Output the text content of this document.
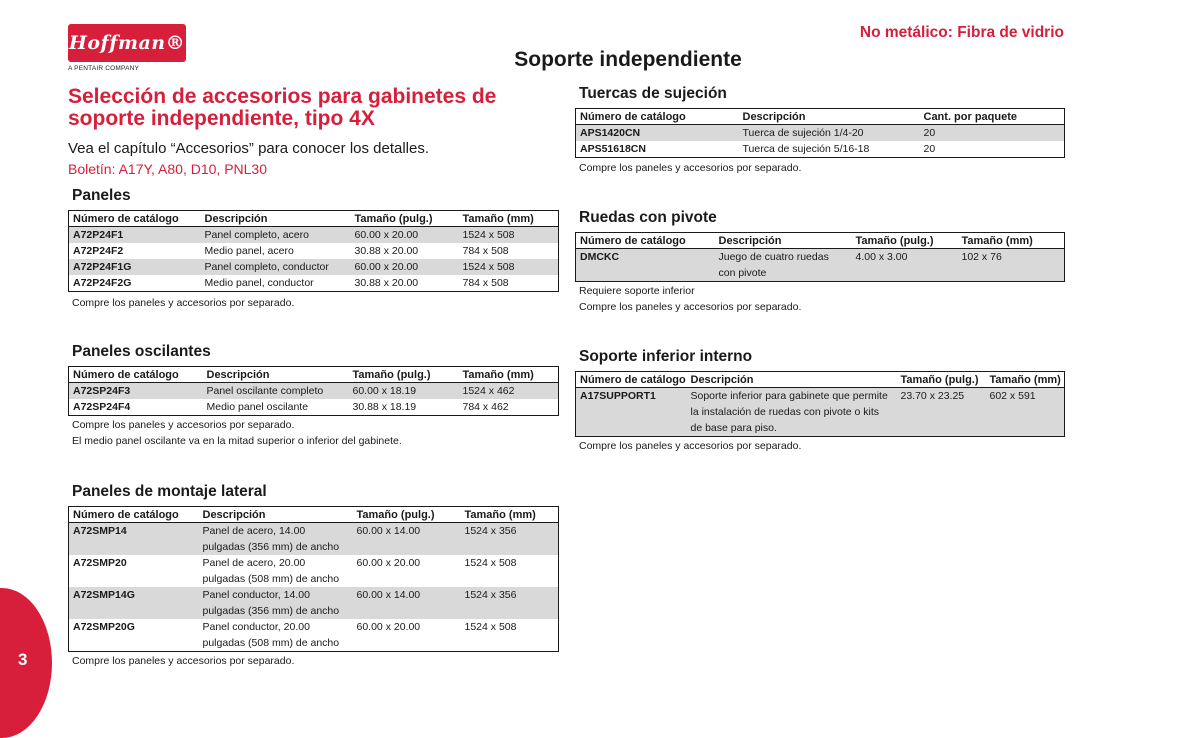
Hoffman®
A PENTAIR COMPANY
No metálico: Fibra de vidrio
Soporte independiente
Selección de accesorios para gabinetes de soporte independiente, tipo 4X
Vea el capítulo “Accesorios” para conocer los detalles.
Boletín: A17Y, A80, D10, PNL30
Paneles
Número de catálogo	Descripción	Tamaño (pulg.)	Tamaño (mm)
A72P24F1	Panel completo, acero	60.00 x 20.00	1524 x 508
A72P24F2	Medio panel, acero	30.88 x 20.00	784 x 508
A72P24F1G	Panel completo, conductor	60.00 x 20.00	1524 x 508
A72P24F2G	Medio panel, conductor	30.88 x 20.00	784 x 508
Compre los paneles y accesorios por separado.
Paneles oscilantes
Número de catálogo	Descripción	Tamaño (pulg.)	Tamaño (mm)
A72SP24F3	Panel oscilante completo	60.00 x 18.19	1524 x 462
A72SP24F4	Medio panel oscilante	30.88 x 18.19	784 x 462
Compre los paneles y accesorios por separado.
El medio panel oscilante va en la mitad superior o inferior del gabinete.
Paneles de montaje lateral
Número de catálogo	Descripción	Tamaño (pulg.)	Tamaño (mm)
A72SMP14	Panel de acero, 14.00 pulgadas (356 mm) de ancho	60.00 x 14.00	1524 x 356
A72SMP20	Panel de acero, 20.00 pulgadas (508 mm) de ancho	60.00 x 20.00	1524 x 508
A72SMP14G	Panel conductor, 14.00 pulgadas (356 mm) de ancho	60.00 x 14.00	1524 x 356
A72SMP20G	Panel conductor, 20.00 pulgadas (508 mm) de ancho	60.00 x 20.00	1524 x 508
Compre los paneles y accesorios por separado.
Tuercas de sujeción
Número de catálogo	Descripción	Cant. por paquete
APS1420CN	Tuerca de sujeción 1/4-20	20
APS51618CN	Tuerca de sujeción 5/16-18	20
Compre los paneles y accesorios por separado.
Ruedas con pivote
Número de catálogo	Descripción	Tamaño (pulg.)	Tamaño (mm)
DMCKC	Juego de cuatro ruedas con pivote	4.00 x 3.00	102 x 76
Requiere soporte inferior
Compre los paneles y accesorios por separado.
Soporte inferior interno
Número de catálogo	Descripción	Tamaño (pulg.)	Tamaño (mm)
A17SUPPORT1	Soporte inferior para gabinete que permite la instalación de ruedas con pivote o kits de base para piso.	23.70 x 23.25	602 x 591
Compre los paneles y accesorios por separado.
3
